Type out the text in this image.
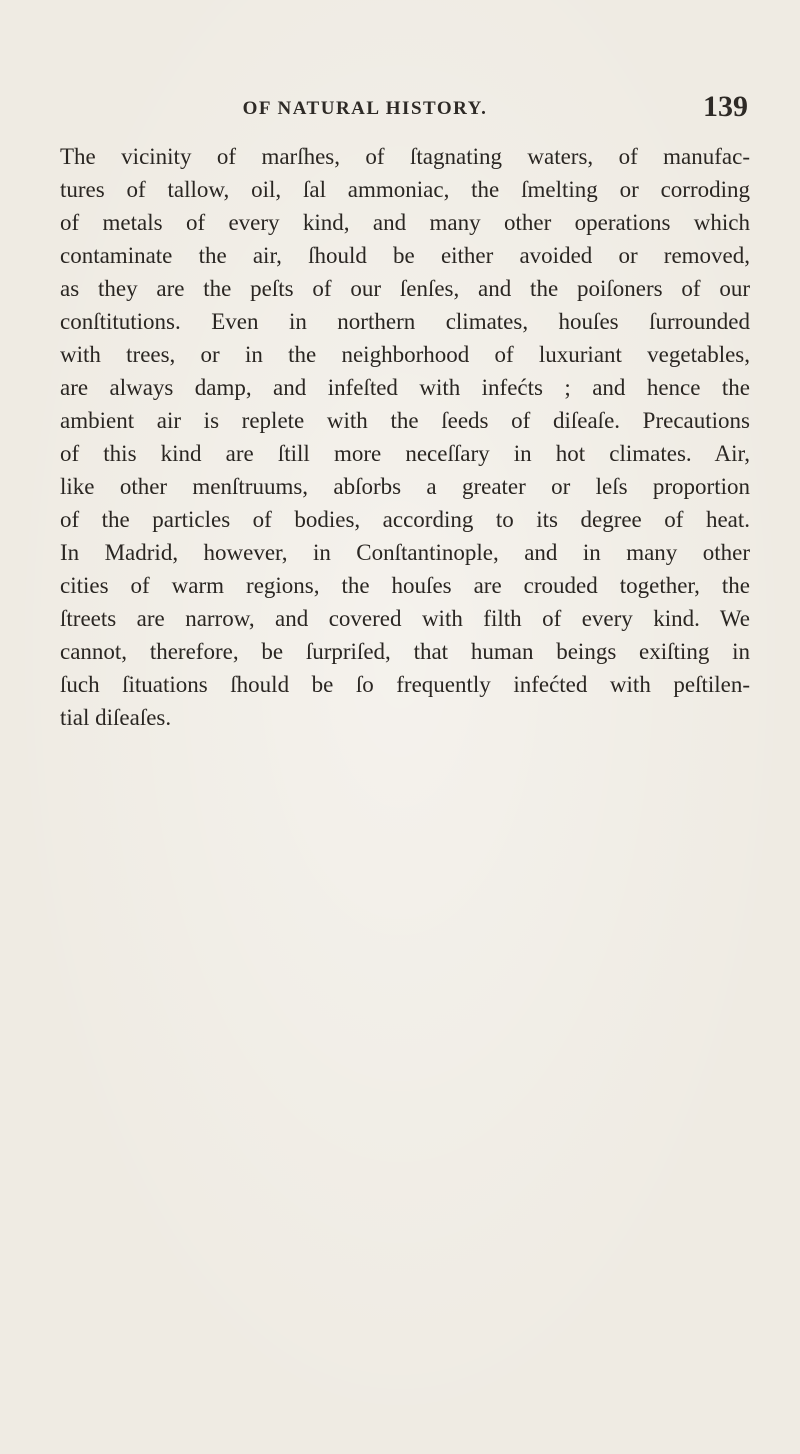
OF NATURAL HISTORY.	139
The vicinity of marſhes, of ſtagnating waters, of manufac-
tures of tallow, oil, ſal ammoniac, the ſmelting or corroding
of metals of every kind, and many other operations which
contaminate the air, ſhould be either avoided or removed,
as they are the peſts of our ſenſes, and the poiſoners of our
conſtitutions. Even in northern climates, houſes ſurrounded
with trees, or in the neighborhood of luxuriant vegetables,
are always damp, and infeſted with infećts ; and hence the
ambient air is replete with the ſeeds of diſeaſe. Precautions
of this kind are ſtill more neceſſary in hot climates. Air,
like other menſtruums, abſorbs a greater or leſs proportion
of the particles of bodies, according to its degree of heat.
In Madrid, however, in Conſtantinople, and in many other
cities of warm regions, the houſes are crouded together, the
ſtreets are narrow, and covered with filth of every kind. We
cannot, therefore, be ſurpriſed, that human beings exiſting in
ſuch ſituations ſhould be ſo frequently infećted with peſtilen-
tial diſeaſes.
